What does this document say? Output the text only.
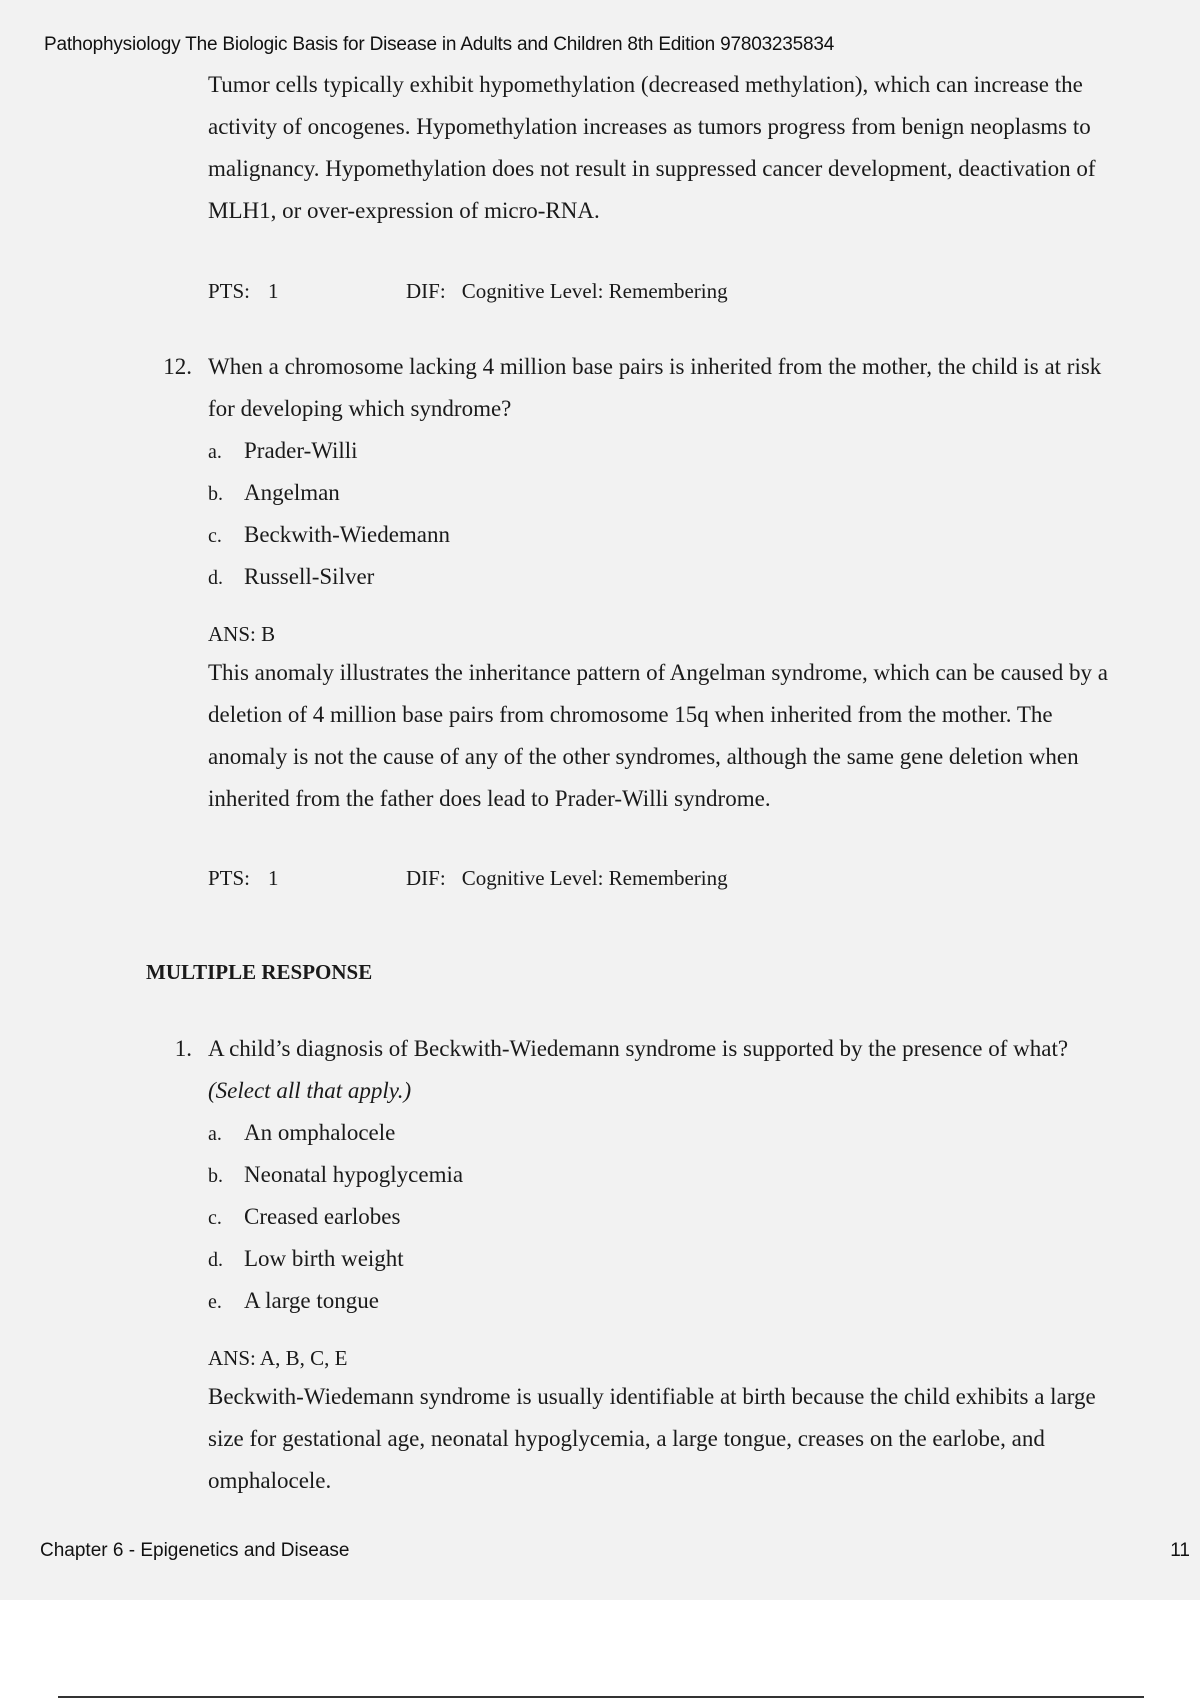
Pathophysiology The Biologic Basis for Disease in Adults and Children 8th Edition 97803235834
Tumor cells typically exhibit hypomethylation (decreased methylation), which can increase the activity of oncogenes. Hypomethylation increases as tumors progress from benign neoplasms to malignancy. Hypomethylation does not result in suppressed cancer development, deactivation of MLH1, or over-expression of micro-RNA.
PTS: 1	DIF: Cognitive Level: Remembering
12. When a chromosome lacking 4 million base pairs is inherited from the mother, the child is at risk for developing which syndrome?
a. Prader-Willi
b. Angelman
c. Beckwith-Wiedemann
d. Russell-Silver
ANS: B
This anomaly illustrates the inheritance pattern of Angelman syndrome, which can be caused by a deletion of 4 million base pairs from chromosome 15q when inherited from the mother. The anomaly is not the cause of any of the other syndromes, although the same gene deletion when inherited from the father does lead to Prader-Willi syndrome.
PTS: 1	DIF: Cognitive Level: Remembering
MULTIPLE RESPONSE
1. A child’s diagnosis of Beckwith-Wiedemann syndrome is supported by the presence of what?
(Select all that apply.)
a. An omphalocele
b. Neonatal hypoglycemia
c. Creased earlobes
d. Low birth weight
e. A large tongue
ANS: A, B, C, E
Beckwith-Wiedemann syndrome is usually identifiable at birth because the child exhibits a large size for gestational age, neonatal hypoglycemia, a large tongue, creases on the earlobe, and omphalocele.
Chapter 6 - Epigenetics and Disease	11
